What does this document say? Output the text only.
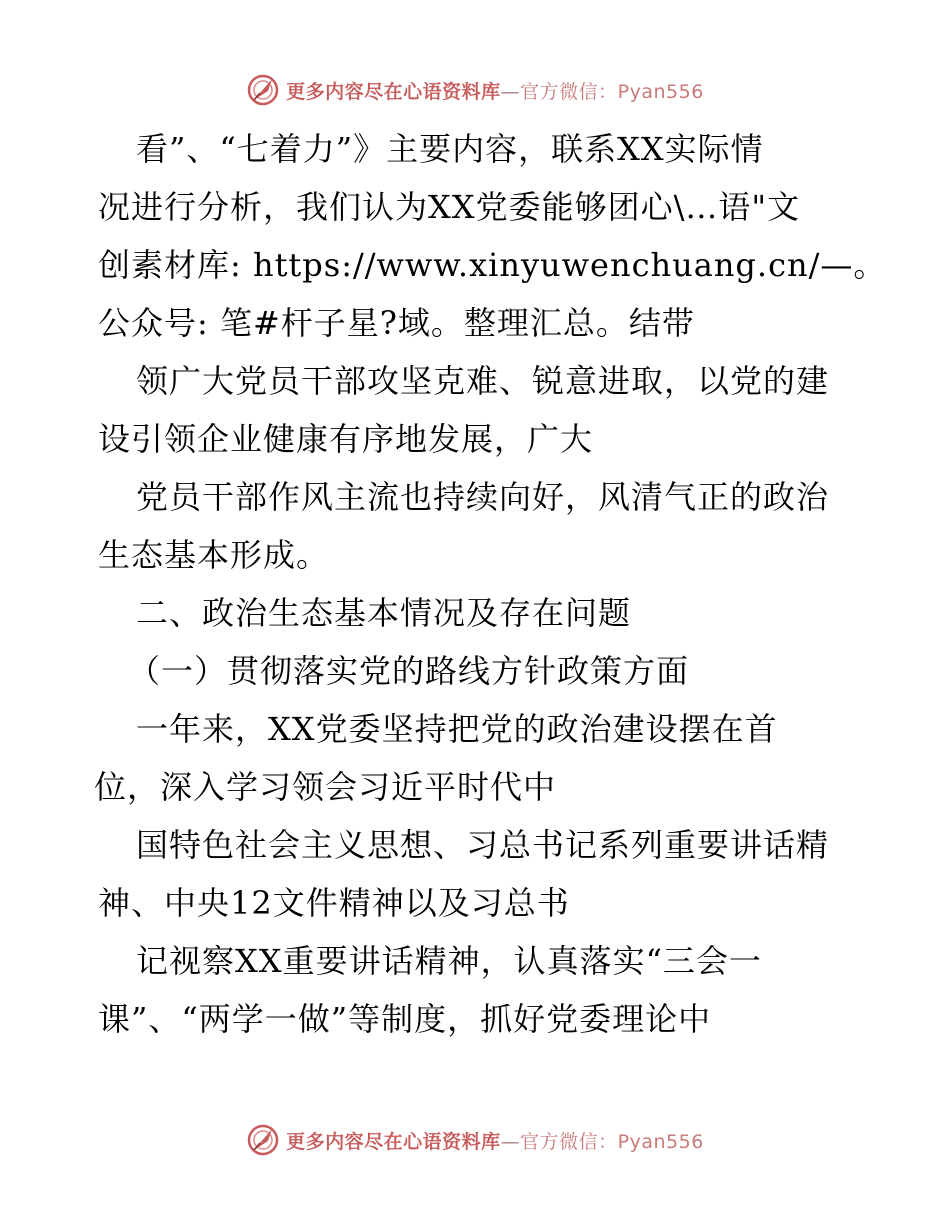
更多内容尽在心语资料库—官方微信：Pyan556
看”、“七着力”》主要内容，联系XX实际情
况进行分析，我们认为XX党委能够团心\…语"文
创素材库: https://www.xinyuwenchuang.cn/—。
公众号: 笔#杆子星?域。整理汇总。结带
领广大党员干部攻坚克难、锐意进取，以党的建
设引领企业健康有序地发展，广大
党员干部作风主流也持续向好，风清气正的政治
生态基本形成。
二、政治生态基本情况及存在问题
（一）贯彻落实党的路线方针政策方面
一年来，XX党委坚持把党的政治建设摆在首
位，深入学习领会习近平时代中
国特色社会主义思想、习总书记系列重要讲话精
神、中央12文件精神以及习总书
记视察XX重要讲话精神，认真落实“三会一
课”、“两学一做”等制度，抓好党委理论中
更多内容尽在心语资料库—官方微信：Pyan556
